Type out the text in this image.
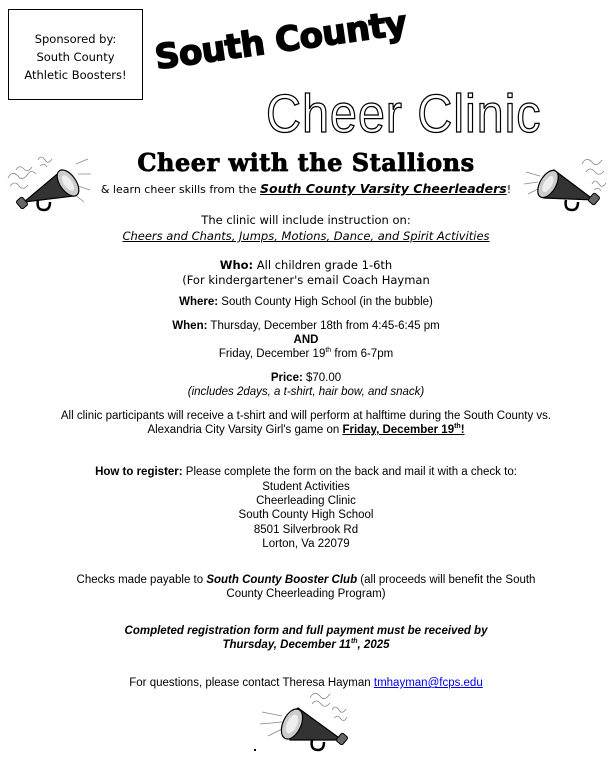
Sponsored by:
South County
Athletic Boosters! South County
Cheer Clinic
Cheer with the Stallions
& learn cheer skills from the South County Varsity Cheerleaders!
The clinic will include instruction on:
Cheers and Chants, Jumps, Motions, Dance, and Spirit Activities
Who: All children grade 1-6th
(For kindergartener's email Coach Hayman
Where: South County High School (in the bubble)
When: Thursday, December 18th from 4:45-6:45 pm
AND
Friday, December 19th from 6-7pm
Price: $70.00
(includes 2days, a t-shirt, hair bow, and snack)
All clinic participants will receive a t-shirt and will perform at halftime during the South County vs.
Alexandria City Varsity Girl's game on Friday, December 19th!
How to register: Please complete the form on the back and mail it with a check to:
Student Activities
Cheerleading Clinic
South County High School
8501 Silverbrook Rd
Lorton, Va 22079
Checks made payable to South County Booster Club (all proceeds will benefit the South
County Cheerleading Program)
Completed registration form and full payment must be received by
Thursday, December 11th, 2025
For questions, please contact Theresa Hayman tmhayman@fcps.edu
